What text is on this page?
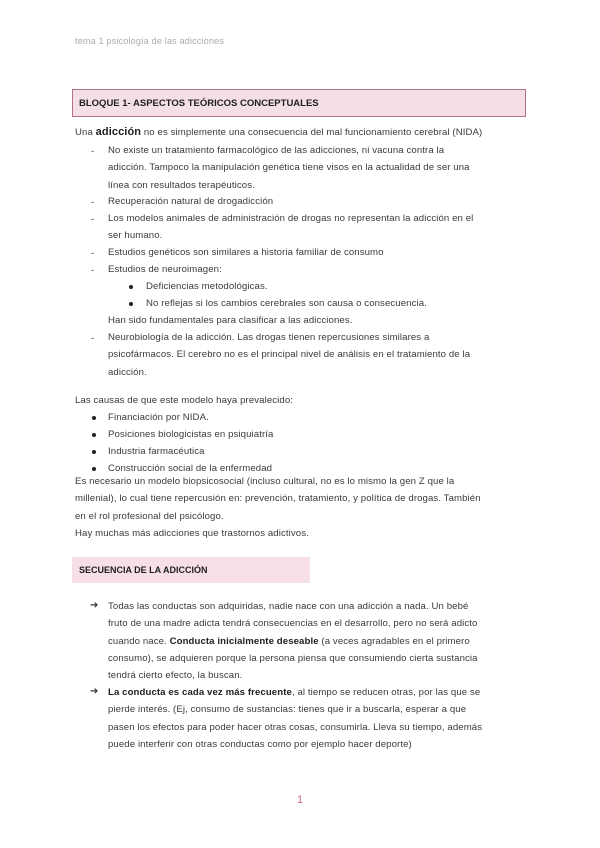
tema 1 psicología de las adicciones
BLOQUE 1- ASPECTOS TEÓRICOS CONCEPTUALES
Una adicción no es simplemente una consecuencia del mal funcionamiento cerebral (NIDA)
- No existe un tratamiento farmacológico de las adicciones, ni vacuna contra la
adicción. Tampoco la manipulación genética tiene visos en la actualidad de ser una
línea con resultados terapéuticos.
- Recuperación natural de drogadicción
- Los modelos animales de administración de drogas no representan la adicción en el
ser humano.
- Estudios genéticos son similares a historia familiar de consumo
- Estudios de neuroimagen:
Deficiencias metodológicas.
No reflejas si los cambios cerebrales son causa o consecuencia.
Han sido fundamentales para clasificar a las adicciones.
- Neurobiología de la adicción. Las drogas tienen repercusiones similares a
psicofármacos. El cerebro no es el principal nivel de análisis en el tratamiento de la
adicción.
Las causas de que este modelo haya prevalecido:
Financiación por NIDA.
Posiciones biologicistas en psiquiatría
Industria farmacéutica
Construcción social de la enfermedad
Es necesario un modelo biopsicosocial (incluso cultural, no es lo mismo la gen Z que la
millenial), lo cual tiene repercusión en: prevención, tratamiento, y política de drogas. También
en el rol profesional del psicólogo.
Hay muchas más adicciones que trastornos adictivos.
SECUENCIA DE LA ADICCIÓN
➔ Todas las conductas son adquiridas, nadie nace con una adicción a nada. Un bebé
fruto de una madre adicta tendrá consecuencias en el desarrollo, pero no será adicto
cuando nace. Conducta inicialmente deseable (a veces agradables en el primero
consumo), se adquieren porque la persona piensa que consumiendo cierta sustancia
tendrá cierto efecto, la buscan.
➔ La conducta es cada vez más frecuente, al tiempo se reducen otras, por las que se
pierde interés. (Ej, consumo de sustancias: tienes que ir a buscarla, esperar a que
pasen los efectos para poder hacer otras cosas, consumirla. Lleva su tiempo, además
puede interferir con otras conductas como por ejemplo hacer deporte)
1
